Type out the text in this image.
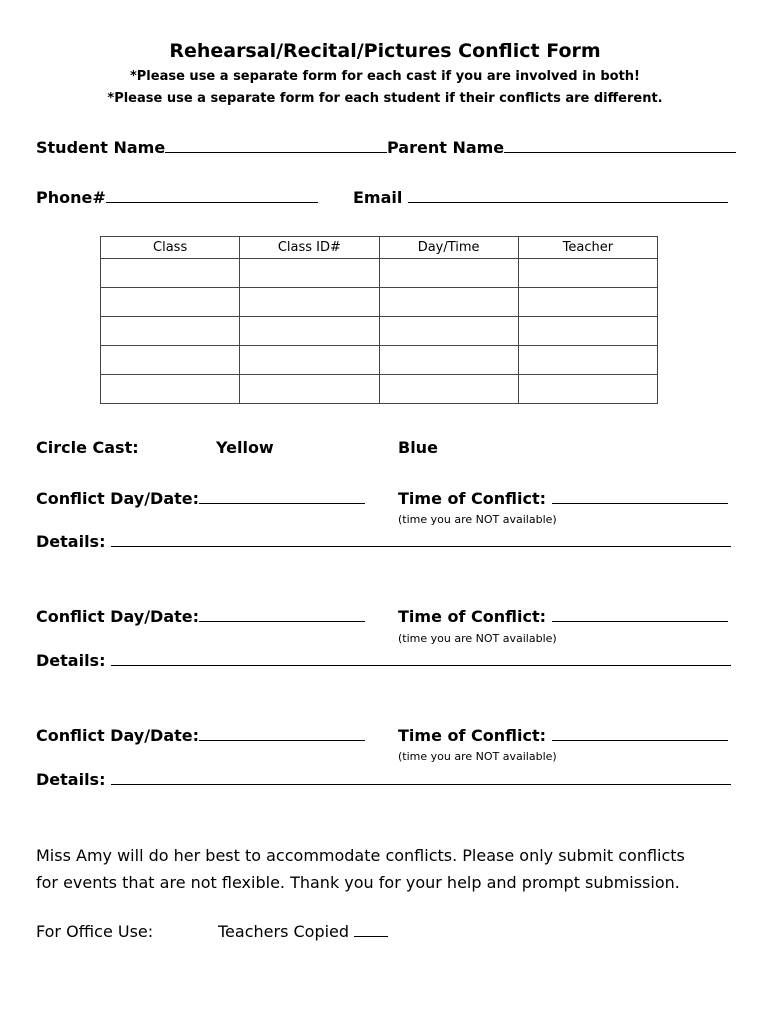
Rehearsal/Recital/Pictures Conflict Form
*Please use a separate form for each cast if you are involved in both!
*Please use a separate form for each student if their conflicts are different.
Student Name	Parent Name
Phone#	Email
Class	Class ID#	Day/Time	Teacher

Circle Cast:	Yellow	Blue
Conflict Day/Date:	Time of Conflict:
(time you are NOT available)
Details:
Conflict Day/Date:	Time of Conflict:
(time you are NOT available)
Details:
Conflict Day/Date:	Time of Conflict:
(time you are NOT available)
Details:
Miss Amy will do her best to accommodate conflicts. Please only submit conflicts
for events that are not flexible. Thank you for your help and prompt submission.
For Office Use:	Teachers Copied
